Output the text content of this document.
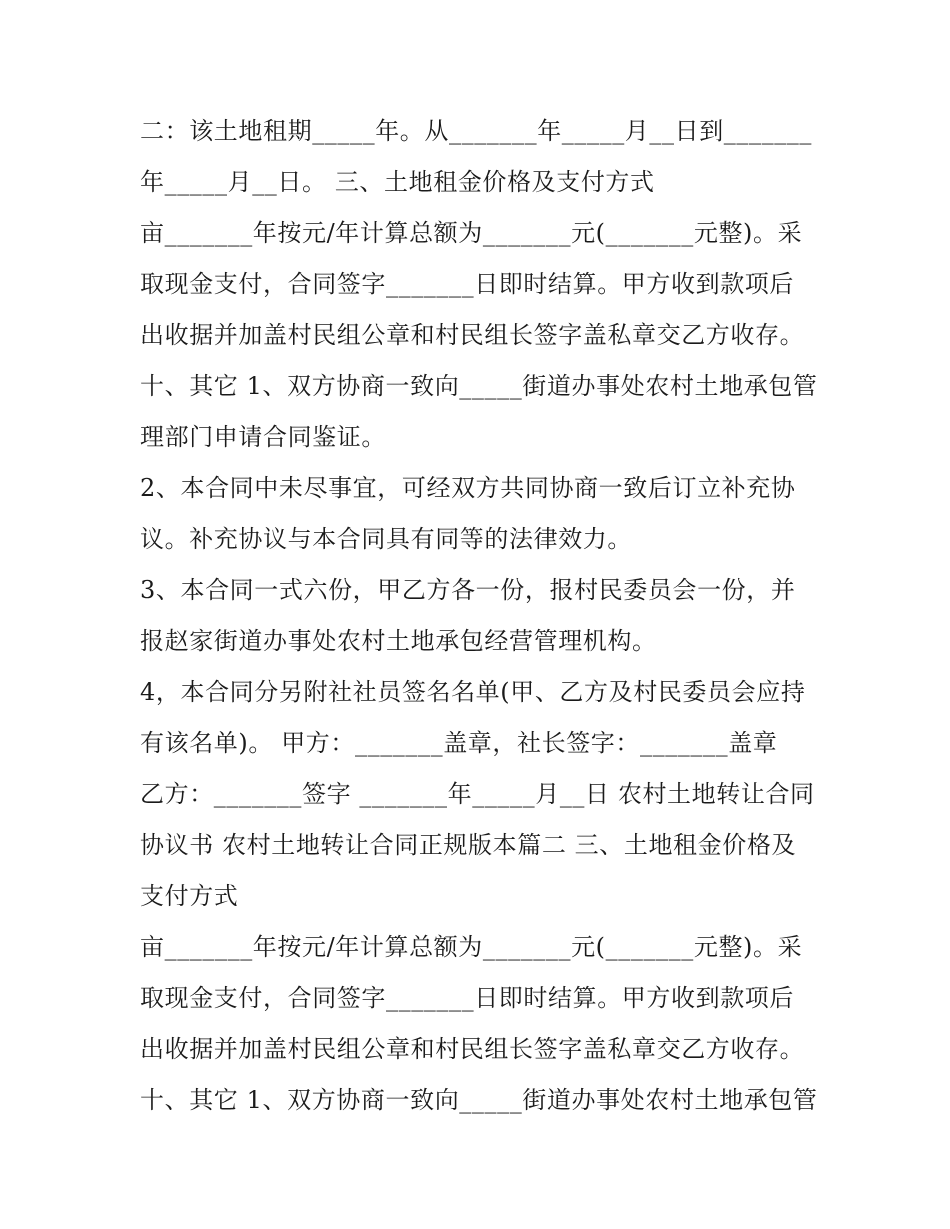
二：该土地租期_____年。从_______年_____月__日到_______
年_____月__日。 三、土地租金价格及支付方式
亩_______年按元/年计算总额为_______元(_______元整)。采
取现金支付，合同签字_______日即时结算。甲方收到款项后
出收据并加盖村民组公章和村民组长签字盖私章交乙方收存。
十、其它 1、双方协商一致向_____街道办事处农村土地承包管
理部门申请合同鉴证。
2、本合同中未尽事宜，可经双方共同协商一致后订立补充协
议。补充协议与本合同具有同等的法律效力。
3、本合同一式六份，甲乙方各一份，报村民委员会一份，并
报赵家街道办事处农村土地承包经营管理机构。
4，本合同分另附社社员签名名单(甲、乙方及村民委员会应持
有该名单)。 甲方：_______盖章，社长签字：_______盖章
乙方：_______签字 _______年_____月__日 农村土地转让合同
协议书 农村土地转让合同正规版本篇二 三、土地租金价格及
支付方式
亩_______年按元/年计算总额为_______元(_______元整)。采
取现金支付，合同签字_______日即时结算。甲方收到款项后
出收据并加盖村民组公章和村民组长签字盖私章交乙方收存。
十、其它 1、双方协商一致向_____街道办事处农村土地承包管
